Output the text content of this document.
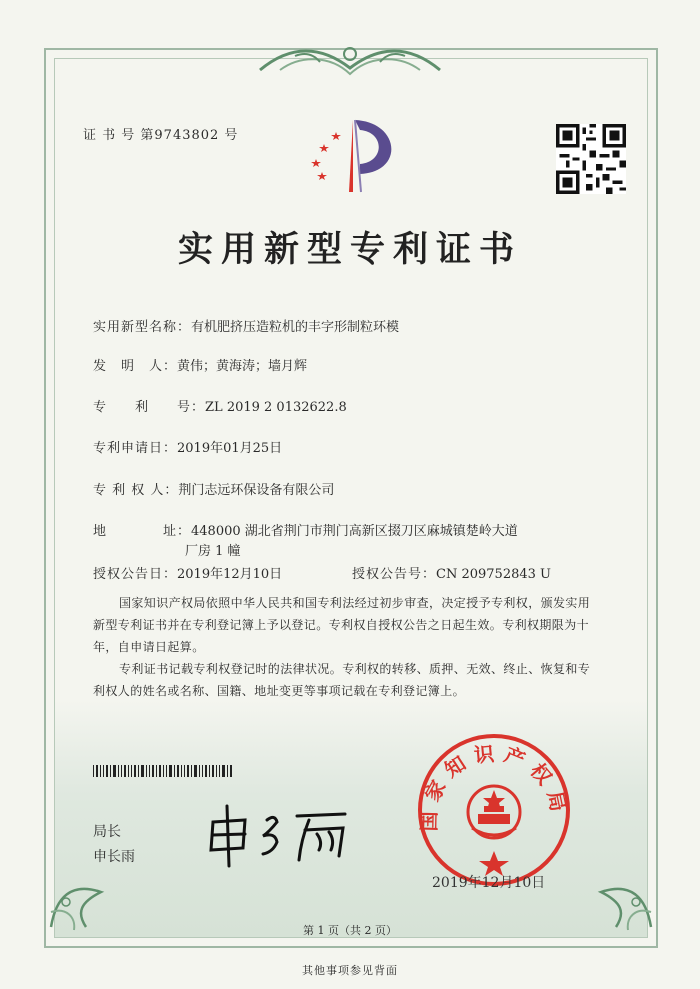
证 书 号 第9743802 号
实用新型专利证书
实用新型名称：有机肥挤压造粒机的丰字形制粒环模
发　明　人：黄伟；黄海涛；墙月辉
专　　利　　号：ZL 2019 2 0132622.8
专利申请日：2019年01月25日
专 利 权 人：荆门志远环保设备有限公司
地　　　　址：448000 湖北省荆门市荆门高新区掇刀区麻城镇楚岭大道
厂房 1 幢
授权公告日：2019年12月10日	授权公告号：CN 209752843 U
国家知识产权局依照中华人民共和国专利法经过初步审查，决定授予专利权，颁发实用
新型专利证书并在专利登记簿上予以登记。专利权自授权公告之日起生效。专利权期限为十
年，自申请日起算。
专利证书记载专利权登记时的法律状况。专利权的转移、质押、无效、终止、恢复和专
利权人的姓名或名称、国籍、地址变更等事项记载在专利登记簿上。
局长
申长雨
国家知识产权局
2019年12月10日
第 1 页（共 2 页）
其他事项参见背面
